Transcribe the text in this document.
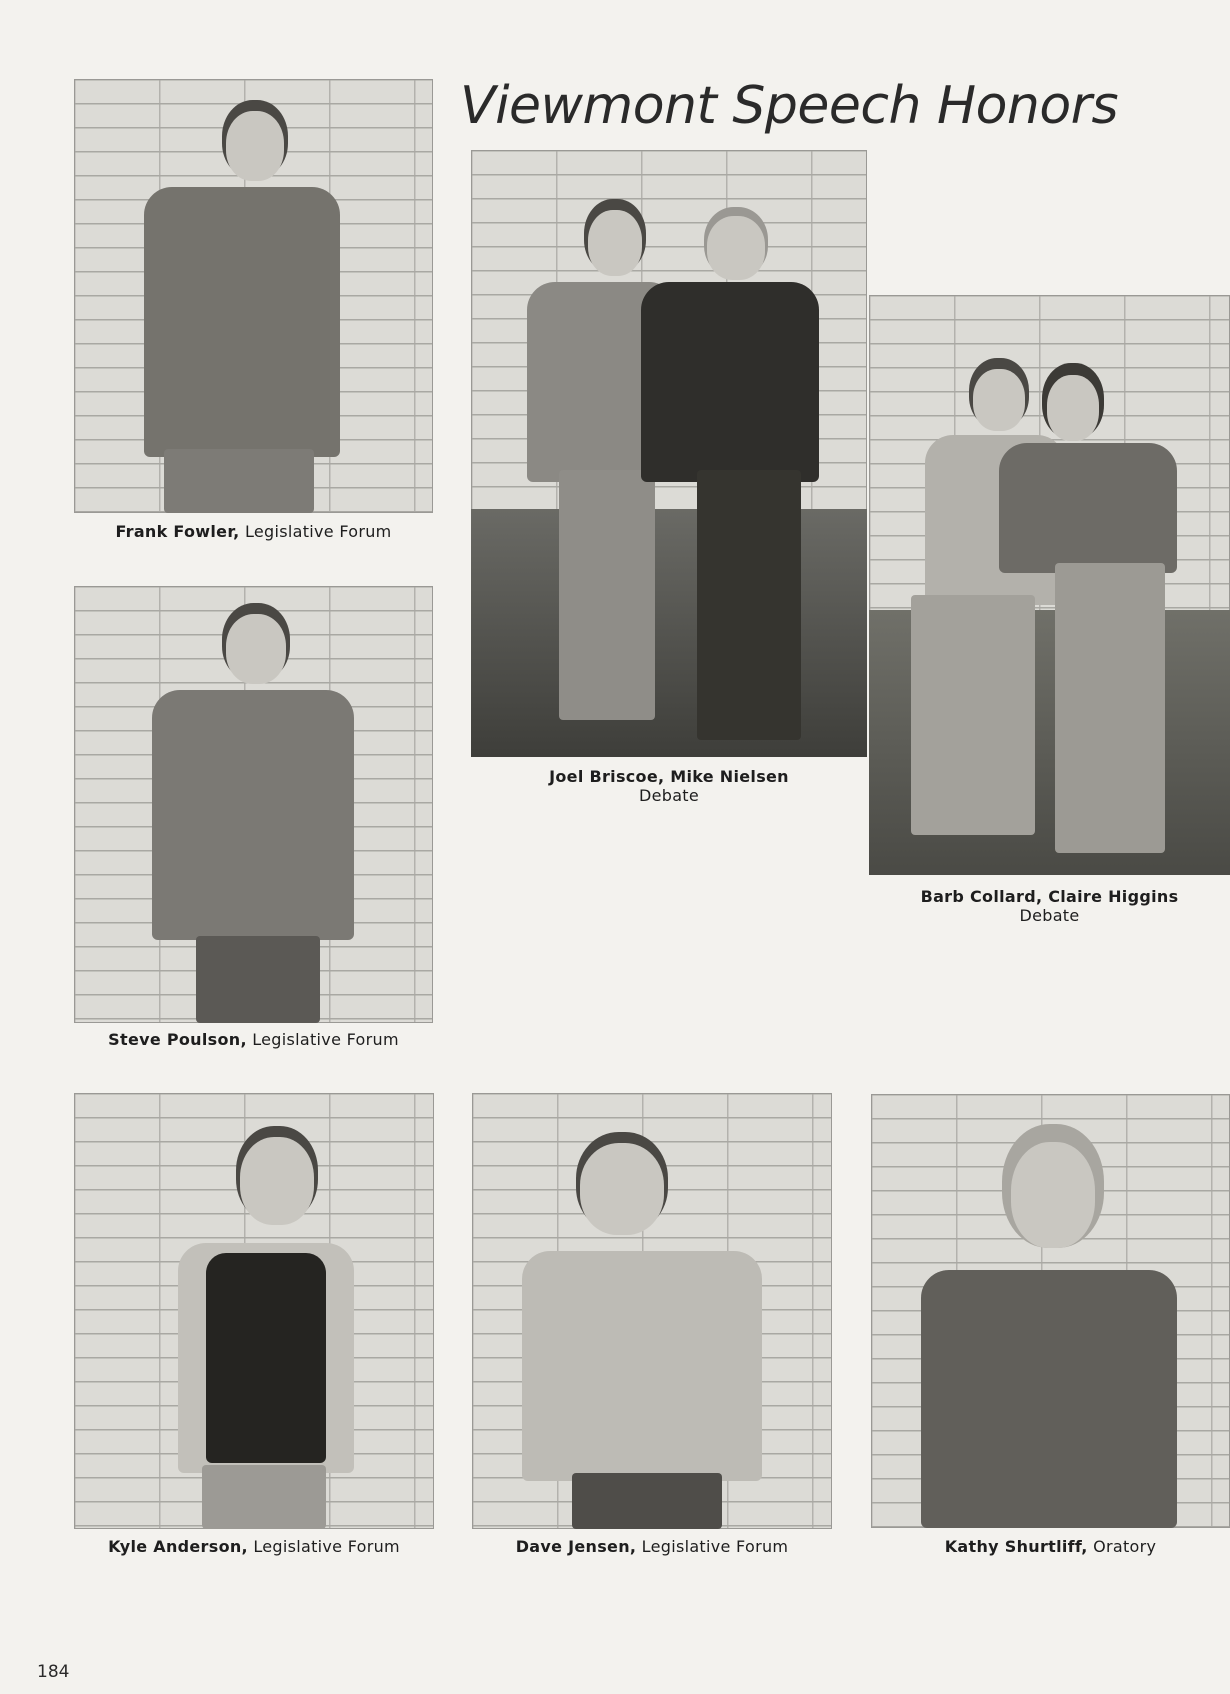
Viewmont Speech Honors
Frank Fowler, Legislative Forum
Joel Briscoe, Mike Nielsen
Debate
Barb Collard, Claire Higgins
Debate
Steve Poulson, Legislative Forum
Kyle Anderson, Legislative Forum	Dave Jensen, Legislative Forum	Kathy Shurtliff, Oratory
184
